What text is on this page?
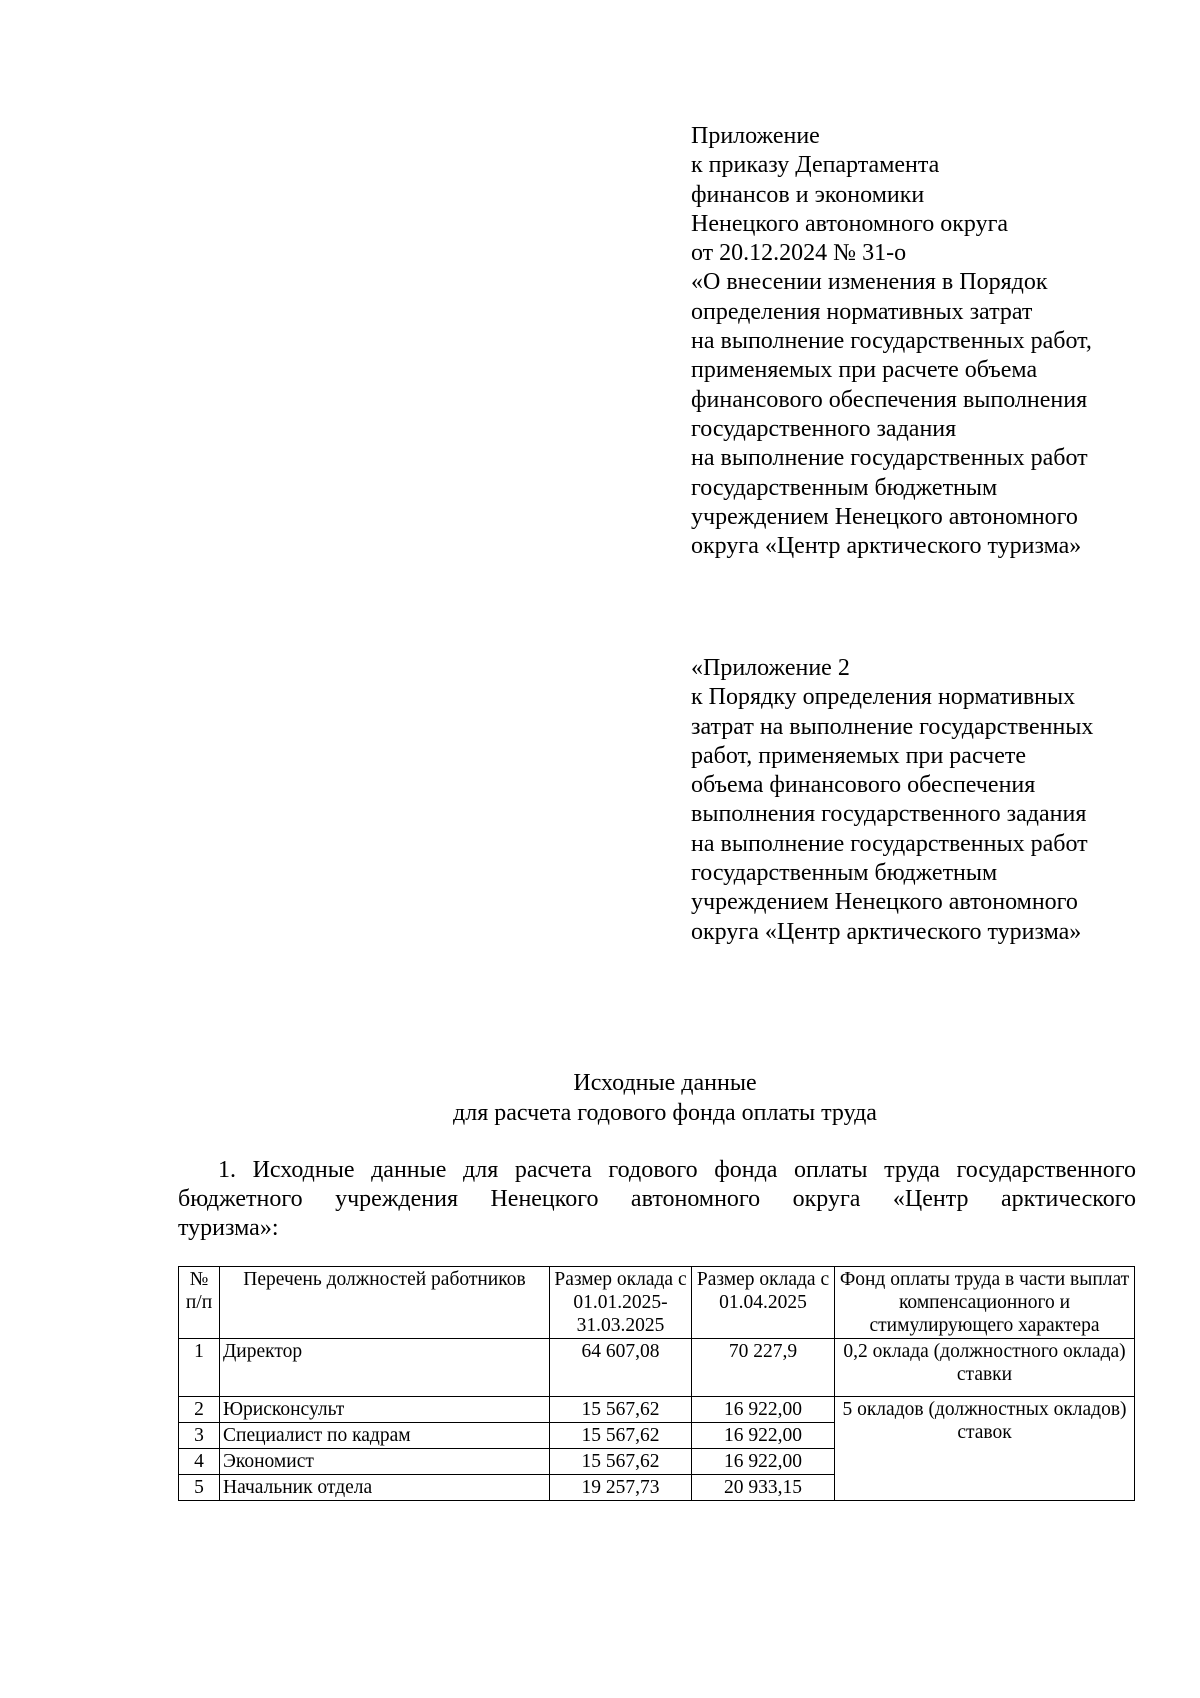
Приложение
к приказу Департамента
финансов и экономики
Ненецкого автономного округа
от 20.12.2024 № 31-о
«О внесении изменения в Порядок
определения нормативных затрат
на выполнение государственных работ,
применяемых при расчете объема
финансового обеспечения выполнения
государственного задания
на выполнение государственных работ
государственным бюджетным
учреждением Ненецкого автономного
округа «Центр арктического туризма»
«Приложение 2
к Порядку определения нормативных
затрат на выполнение государственных
работ, применяемых при расчете
объема финансового обеспечения
выполнения государственного задания
на выполнение государственных работ
государственным бюджетным
учреждением Ненецкого автономного
округа «Центр арктического туризма»
Исходные данные
для расчета годового фонда оплаты труда
1. Исходные данные для расчета годового фонда оплаты труда государственного
бюджетного учреждения Ненецкого автономного округа «Центр арктического
туризма»:
№ п/п	Перечень должностей работников	Размер оклада с 01.01.2025-31.03.2025	Размер оклада с 01.04.2025	Фонд оплаты труда в части выплат компенсационного и стимулирующего характера
1	Директор	64 607,08	70 227,9	0,2 оклада (должностного оклада) ставки
2	Юрисконсульт	15 567,62	16 922,00	5 окладов (должностных окладов) ставок
3	Специалист по кадрам	15 567,62	16 922,00	
4	Экономист	15 567,62	16 922,00	
5	Начальник отдела	19 257,73	20 933,15	
